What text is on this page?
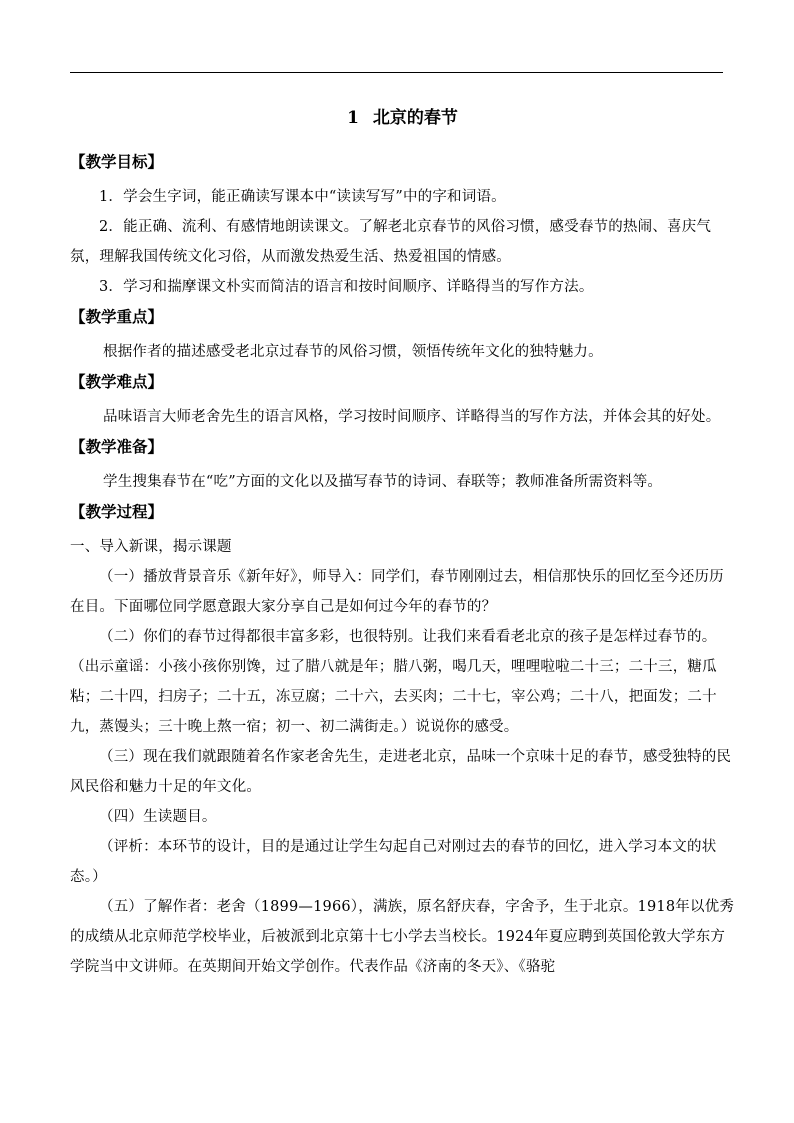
1 北京的春节
【教学目标】

1．学会生字词，能正确读写课本中“读读写写”中的字和词语。

2．能正确、流利、有感情地朗读课文。了解老北京春节的风俗习惯，感受春节的热闹、喜庆气氛，理解我国传统文化习俗，从而激发热爱生活、热爱祖国的情感。

3．学习和揣摩课文朴实而简洁的语言和按时间顺序、详略得当的写作方法。

【教学重点】

根据作者的描述感受老北京过春节的风俗习惯，领悟传统年文化的独特魅力。

【教学难点】

品味语言大师老舍先生的语言风格，学习按时间顺序、详略得当的写作方法，并体会其的好处。

【教学准备】

学生搜集春节在“吃”方面的文化以及描写春节的诗词、春联等；教师准备所需资料等。

【教学过程】

一、导入新课，揭示课题

（一）播放背景音乐《新年好》，师导入：同学们，春节刚刚过去，相信那快乐的回忆至今还历历在目。下面哪位同学愿意跟大家分享自己是如何过今年的春节的？

（二）你们的春节过得都很丰富多彩，也很特别。让我们来看看老北京的孩子是怎样过春节的。（出示童谣：小孩小孩你别馋，过了腊八就是年；腊八粥，喝几天，哩哩啦啦二十三；二十三，糖瓜粘；二十四，扫房子；二十五，冻豆腐；二十六，去买肉；二十七，宰公鸡；二十八，把面发；二十九，蒸馒头；三十晚上熬一宿；初一、初二满街走。）说说你的感受。

（三）现在我们就跟随着名作家老舍先生，走进老北京，品味一个京味十足的春节，感受独特的民风民俗和魅力十足的年文化。

（四）生读题目。

（评析：本环节的设计，目的是通过让学生勾起自己对刚过去的春节的回忆，进入学习本文的状态。）

（五）了解作者：老舍（1899—1966），满族，原名舒庆春，字舍予，生于北京。1918年以优秀的成绩从北京师范学校毕业，后被派到北京第十七小学去当校长。1924年夏应聘到英国伦敦大学东方学院当中文讲师。在英期间开始文学创作。代表作品《济南的冬天》、《骆驼
